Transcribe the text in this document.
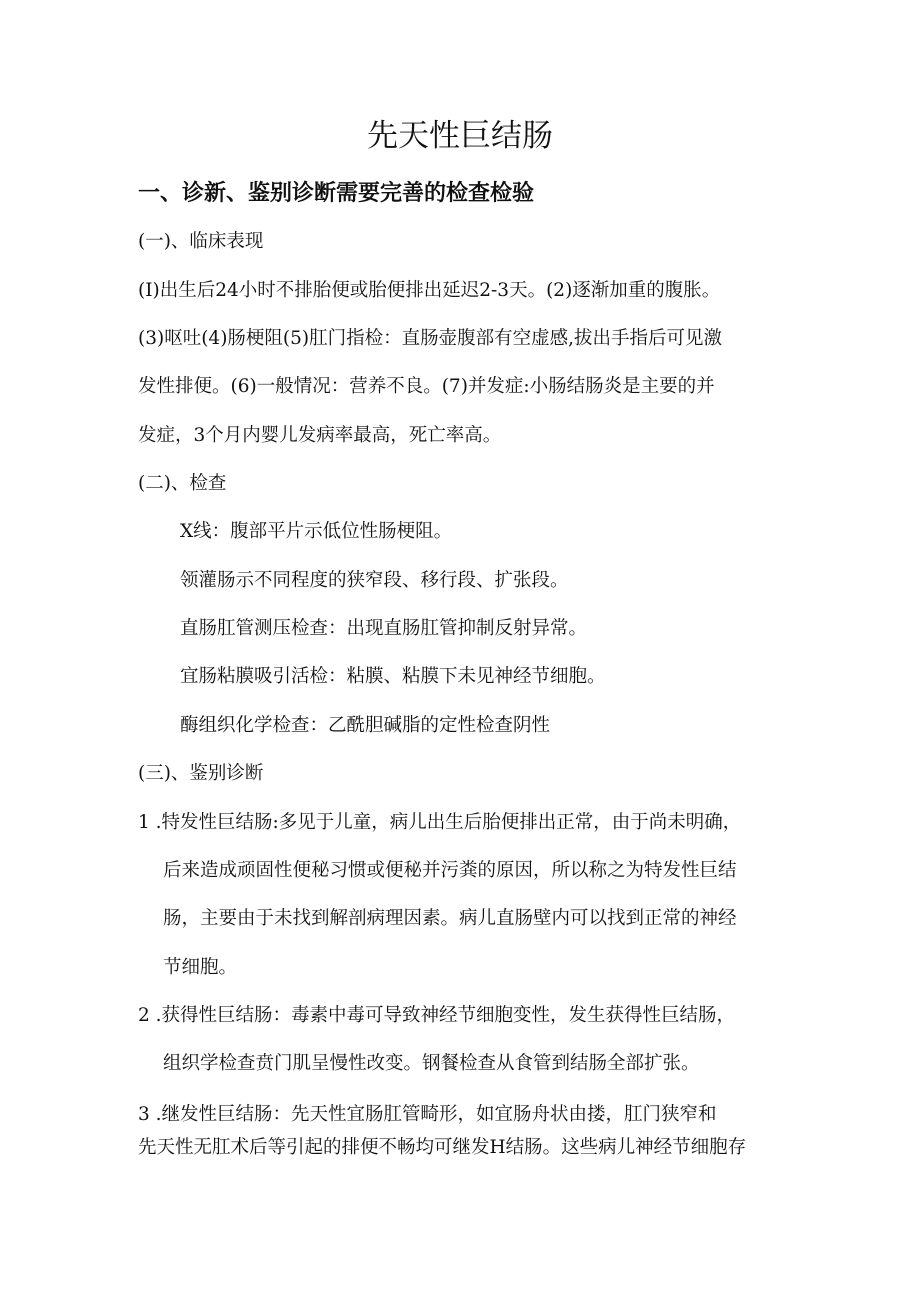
先天性巨结肠
一、诊新、鉴别诊断需要完善的检查检验

(一)、临床表现

(I)出生后24小时不排胎便或胎便排出延迟2-3天。(2)逐渐加重的腹胀。

(3)呕吐(4)肠梗阻(5)肛门指检：直肠壶腹部有空虚感,拔出手指后可见激

发性排便。(6)一般情况：营养不良。(7)并发症:小肠结肠炎是主要的并

发症，3个月内婴儿发病率最高，死亡率高。

(二)、检查

X线：腹部平片示低位性肠梗阻。

领灌肠示不同程度的狭窄段、移行段、扩张段。

直肠肛管测压检查：出现直肠肛管抑制反射异常。

宜肠粘膜吸引活检：粘膜、粘膜下未见神经节细胞。

酶组织化学检查：乙酰胆碱脂的定性检查阴性

(三)、鉴别诊断

1 .特发性巨结肠:多见于儿童，病儿出生后胎便排出正常，由于尚未明确，

后来造成顽固性便秘习惯或便秘并污粪的原因，所以称之为特发性巨结

肠，主要由于未找到解剖病理因素。病儿直肠壁内可以找到正常的神经

节细胞。

2 .获得性巨结肠：毒素中毒可导致神经节细胞变性，发生获得性巨结肠，

组织学检查贲门肌呈慢性改变。钢餐检查从食管到结肠全部扩张。

3 .继发性巨结肠：先天性宜肠肛管畸形，如宜肠舟状由搂，肛门狭窄和

先天性无肛术后等引起的排便不畅均可继发H结肠。这些病儿神经节细胞存
